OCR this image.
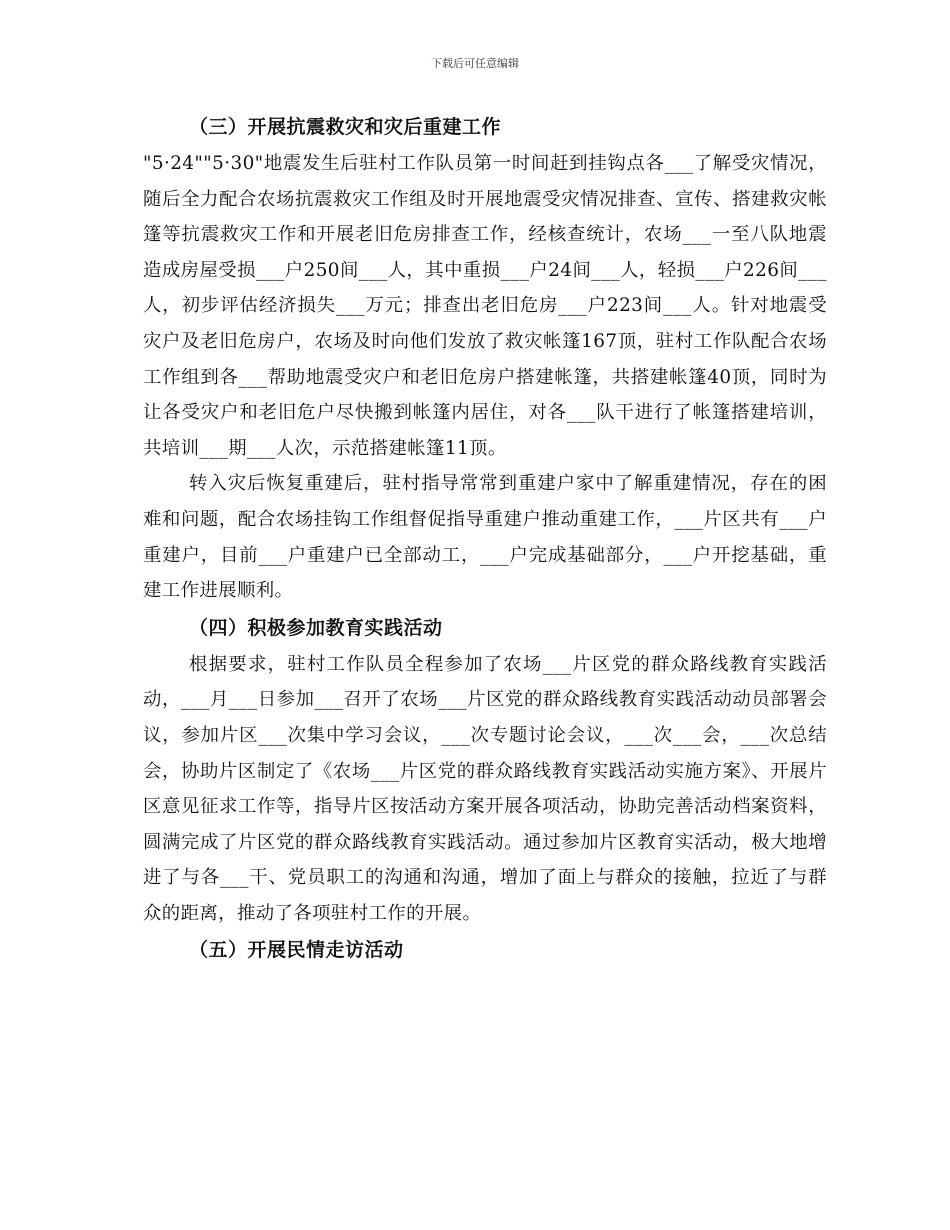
下载后可任意编辑
（三）开展抗震救灾和灾后重建工作

"5·24""5·30"地震发生后驻村工作队员第一时间赶到挂钩点各___了解受灾情况，随后全力配合农场抗震救灾工作组及时开展地震受灾情况排查、宣传、搭建救灾帐篷等抗震救灾工作和开展老旧危房排查工作，经核查统计，农场___一至八队地震造成房屋受损___户250间___人，其中重损___户24间___人，轻损___户226间___人，初步评估经济损失___万元；排查出老旧危房___户223间___人。针对地震受灾户及老旧危房户，农场及时向他们发放了救灾帐篷167顶，驻村工作队配合农场工作组到各___帮助地震受灾户和老旧危房户搭建帐篷，共搭建帐篷40顶，同时为让各受灾户和老旧危户尽快搬到帐篷内居住，对各___队干进行了帐篷搭建培训，共培训___期___人次，示范搭建帐篷11顶。

转入灾后恢复重建后，驻村指导常常到重建户家中了解重建情况，存在的困难和问题，配合农场挂钩工作组督促指导重建户推动重建工作，___片区共有___户重建户，目前___户重建户已全部动工，___户完成基础部分，___户开挖基础，重建工作进展顺利。

（四）积极参加教育实践活动

根据要求，驻村工作队员全程参加了农场___片区党的群众路线教育实践活动，___月___日参加___召开了农场___片区党的群众路线教育实践活动动员部署会议，参加片区___次集中学习会议，___次专题讨论会议，___次___会，___次总结会，协助片区制定了《农场___片区党的群众路线教育实践活动实施方案》、开展片区意见征求工作等，指导片区按活动方案开展各项活动，协助完善活动档案资料，圆满完成了片区党的群众路线教育实践活动。通过参加片区教育实活动，极大地增进了与各___干、党员职工的沟通和沟通，增加了面上与群众的接触，拉近了与群众的距离，推动了各项驻村工作的开展。

（五）开展民情走访活动
